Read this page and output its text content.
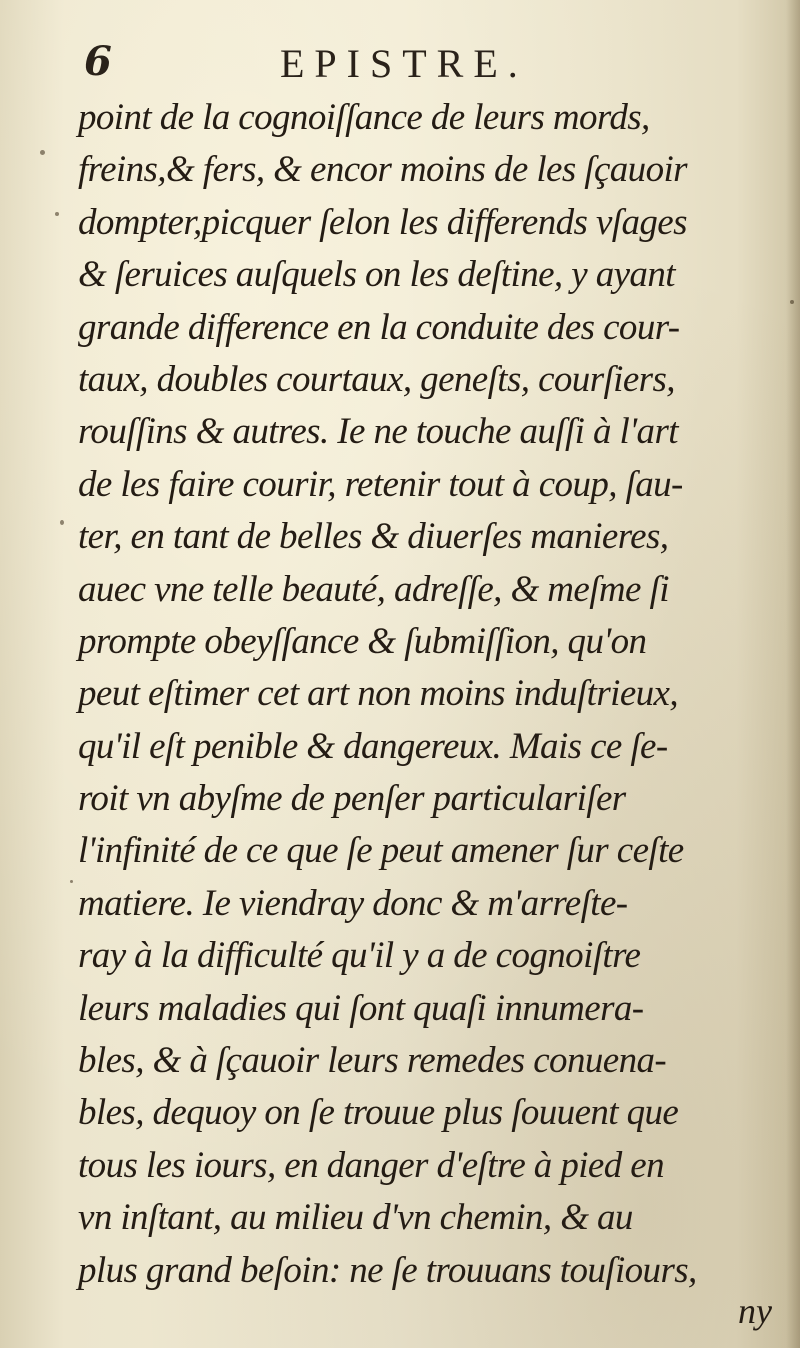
6	EPISTRE.
point de la cognoiſſance de leurs mords,
freins,& fers, & encor moins de les ſçauoir
dompter,picquer ſelon les differends vſages
& ſeruices auſquels on les deſtine, y ayant
grande difference en la conduite des cour-
taux, doubles courtaux, geneſts, courſiers,
rouſſins & autres. Ie ne touche auſſi à l'art
de les faire courir, retenir tout à coup, ſau-
ter, en tant de belles & diuerſes manieres,
auec vne telle beauté, adreſſe, & meſme ſi
prompte obeyſſance & ſubmiſſion, qu'on
peut eſtimer cet art non moins induſtrieux,
qu'il eſt penible & dangereux. Mais ce ſe-
roit vn abyſme de penſer particulariſer
l'infinité de ce que ſe peut amener ſur ceſte
matiere. Ie viendray donc & m'arreſte-
ray à la difficulté qu'il y a de cognoiſtre
leurs maladies qui ſont quaſi innumera-
bles, & à ſçauoir leurs remedes conuena-
bles, dequoy on ſe trouue plus ſouuent que
tous les iours, en danger d'eſtre à pied en
vn inſtant, au milieu d'vn chemin, & au
plus grand beſoin: ne ſe trouuans touſiours,
ny
